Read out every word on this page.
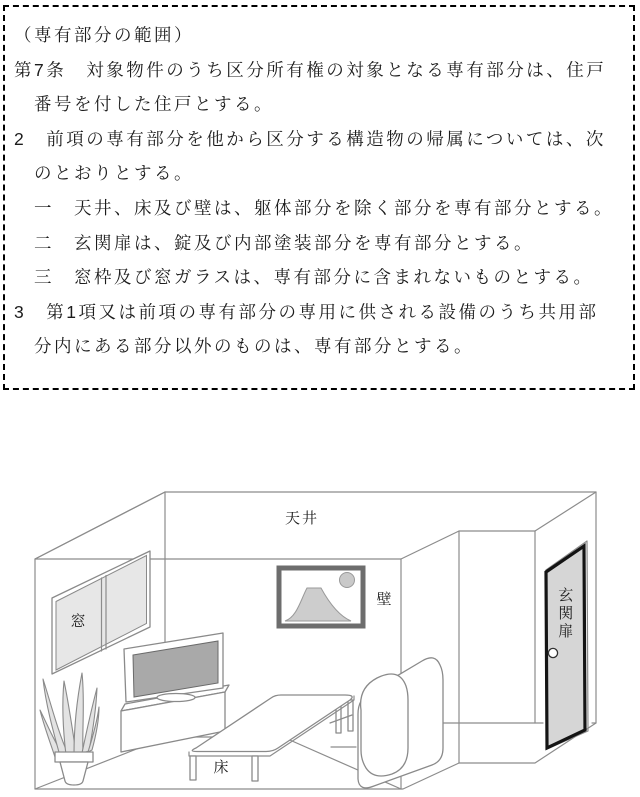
（専有部分の範囲）
第7条　対象物件のうち区分所有権の対象となる専有部分は、住戸
番号を付した住戸とする。
2　前項の専有部分を他から区分する構造物の帰属については、次
のとおりとする。
一　天井、床及び壁は、躯体部分を除く部分を専有部分とする。
二　玄関扉は、錠及び内部塗装部分を専有部分とする。
三　窓枠及び窓ガラスは、専有部分に含まれないものとする。
3　第1項又は前項の専有部分の専用に供される設備のうち共用部
分内にある部分以外のものは、専有部分とする。
天井
壁
窓
床
玄関扉
